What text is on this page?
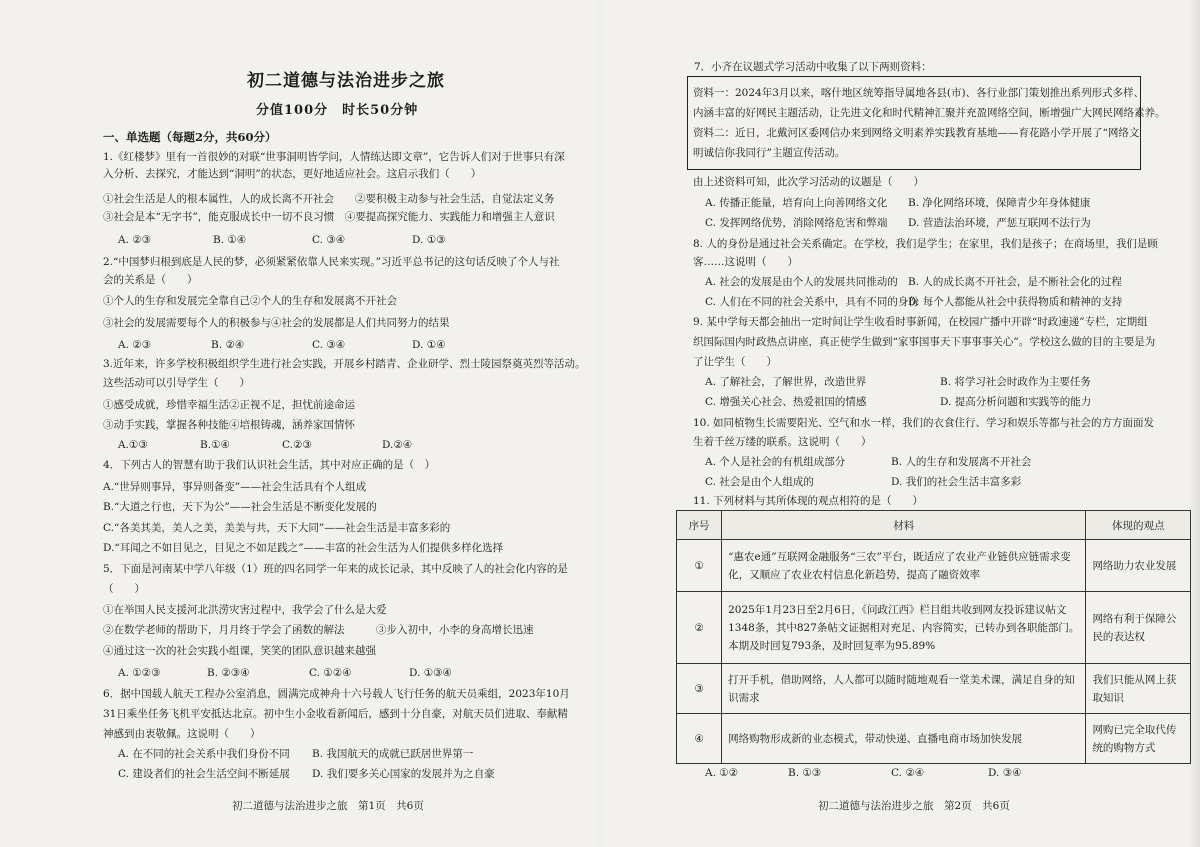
初二道德与法治进步之旅
分值100分　时长50分钟
一、单选题（每题2分，共60分）
1.《红楼梦》里有一首很妙的对联“世事洞明皆学问，人情练达即文章”，它告诉人们对于世事只有深
入分析、去探究，才能达到“洞明”的状态，更好地适应社会。这启示我们（　　）
①社会生活是人的根本属性，人的成长离不开社会　　②要积极主动参与社会生活，自觉法定义务
③社会是本“无字书”，能克服成长中一切不良习惯　④要提高探究能力、实践能力和增强主人意识
A. ②③	B. ①④	C. ③④	D. ①③
2.“中国梦归根到底是人民的梦，必须紧紧依靠人民来实现。”习近平总书记的这句话反映了个人与社
会的关系是（　　）
①个人的生存和发展完全靠自己②个人的生存和发展离不开社会
③社会的发展需要每个人的积极参与④社会的发展都是人们共同努力的结果
A. ②③	B. ②④	C. ③④	D. ①④
3.近年来，许多学校积极组织学生进行社会实践，开展乡村踏青、企业研学、烈士陵园祭奠英烈等活动。
这些活动可以引导学生（　　）
①感受成就，珍惜幸福生活②正视不足，担忧前途命运
③动手实践，掌握各种技能④培根铸魂，涵养家国情怀
A.①③	B.①④	C.②③	D.②④
4．下列古人的智慧有助于我们认识社会生活，其中对应正确的是（　）
A.“世异则事异，事异则备变”——社会生活具有个人组成
B.“大道之行也，天下为公”——社会生活是不断变化发展的
C.“各美其美，美人之美，美美与共，天下大同”——社会生活是丰富多彩的
D.“耳闻之不如目见之，目见之不如足践之”——丰富的社会生活为人们提供多样化选择
5．下面是河南某中学八年级（1）班的四名同学一年来的成长记录，其中反映了人的社会化内容的是
（　　）
①在举国人民支援河北洪涝灾害过程中，我学会了什么是大爱
②在数学老师的帮助下，月月终于学会了函数的解法　　　③步入初中，小李的身高增长迅速
④通过这一次的社会实践小组课，笑笑的团队意识越来越强
A. ①②③	B. ②③④	C. ①②④	D. ①③④
6．据中国载人航天工程办公室消息，圆满完成神舟十六号载人飞行任务的航天员乘组，2023年10月
31日乘坐任务飞机平安抵达北京。初中生小金收看新闻后，感到十分自豪，对航天员们进取、奉献精
神感到由衷敬佩。这说明（　　）
A. 在不同的社会关系中我们身份不同 B. 我国航天的成就已跃居世界第一
C. 建设者们的社会生活空间不断延展 D. 我们要多关心国家的发展并为之自豪
初二道德与法治进步之旅　第1页　共6页
7．小齐在议题式学习活动中收集了以下两则资料：
资料一：2024年3月以来，喀什地区统筹指导属地各县(市)、各行业部门策划推出系列形式多样、
内涵丰富的好网民主题活动，让先进文化和时代精神汇聚并充盈网络空间，断增强广大网民网络素养。
资料二：近日，北戴河区委网信办来到网络文明素养实践教育基地——育花路小学开展了“网络文
明诚信你我同行”主题宣传活动。
由上述资料可知，此次学习活动的议题是（　　）
A. 传播正能量，培育向上向善网络文化 B. 净化网络环境，保障青少年身体健康
C. 发挥网络优势，消除网络危害和弊端 D. 营造法治环境，严惩互联网不法行为
8. 人的身份是通过社会关系确定。在学校，我们是学生；在家里，我们是孩子；在商场里，我们是顾
客……这说明（　　）
A. 社会的发展是由个人的发展共同推动的 B. 人的成长离不开社会，是不断社会化的过程
C. 人们在不同的社会关系中，具有不同的身份
D. 每个人都能从社会中获得物质和精神的支持
9. 某中学每天都会抽出一定时间让学生收看时事新闻，在校园广播中开辟“时政速递”专栏，定期组
织国际国内时政热点讲座，真正使学生做到“家事国事天下事事事关心”。学校这么做的目的主要是为
了让学生（　　）
A. 了解社会，了解世界，改造世界	B. 将学习社会时政作为主要任务
C. 增强关心社会、热爱祖国的情感	D. 提高分析问题和实践等的能力
10. 如同植物生长需要阳光、空气和水一样，我们的衣食住行、学习和娱乐等都与社会的方方面面发
生着千丝万缕的联系。这说明（　　）
A. 个人是社会的有机组成部分	B. 人的生存和发展离不开社会
C. 社会是由个人组成的	D. 我们的社会生活丰富多彩
11. 下列材料与其所体现的观点相符的是（　　）
序号	材料	体现的观点
①	“惠农e通”互联网金融服务“三农”平台，既适应了农业产业链供应链需求变化，又顺应了农业农村信息化新趋势，提高了融资效率	网络助力农业发展
②	2025年1月23日至2月6日，《问政江西》栏目组共收到网友投诉建议帖文1348条，其中827条帖文证据相对充足、内容简实，已转办到各职能部门。本期及时回复793条，及时回复率为95.89%	网络有利于保障公民的表达权
③	打开手机，借助网络，人人都可以随时随地观看一堂美术课，满足自身的知识需求	我们只能从网上获取知识
④	网络购物形成新的业态模式，带动快递、直播电商市场加快发展	网购已完全取代传统的购物方式
A. ①②	B. ①③	C. ②④	D. ③④
初二道德与法治进步之旅　第2页　共6页
